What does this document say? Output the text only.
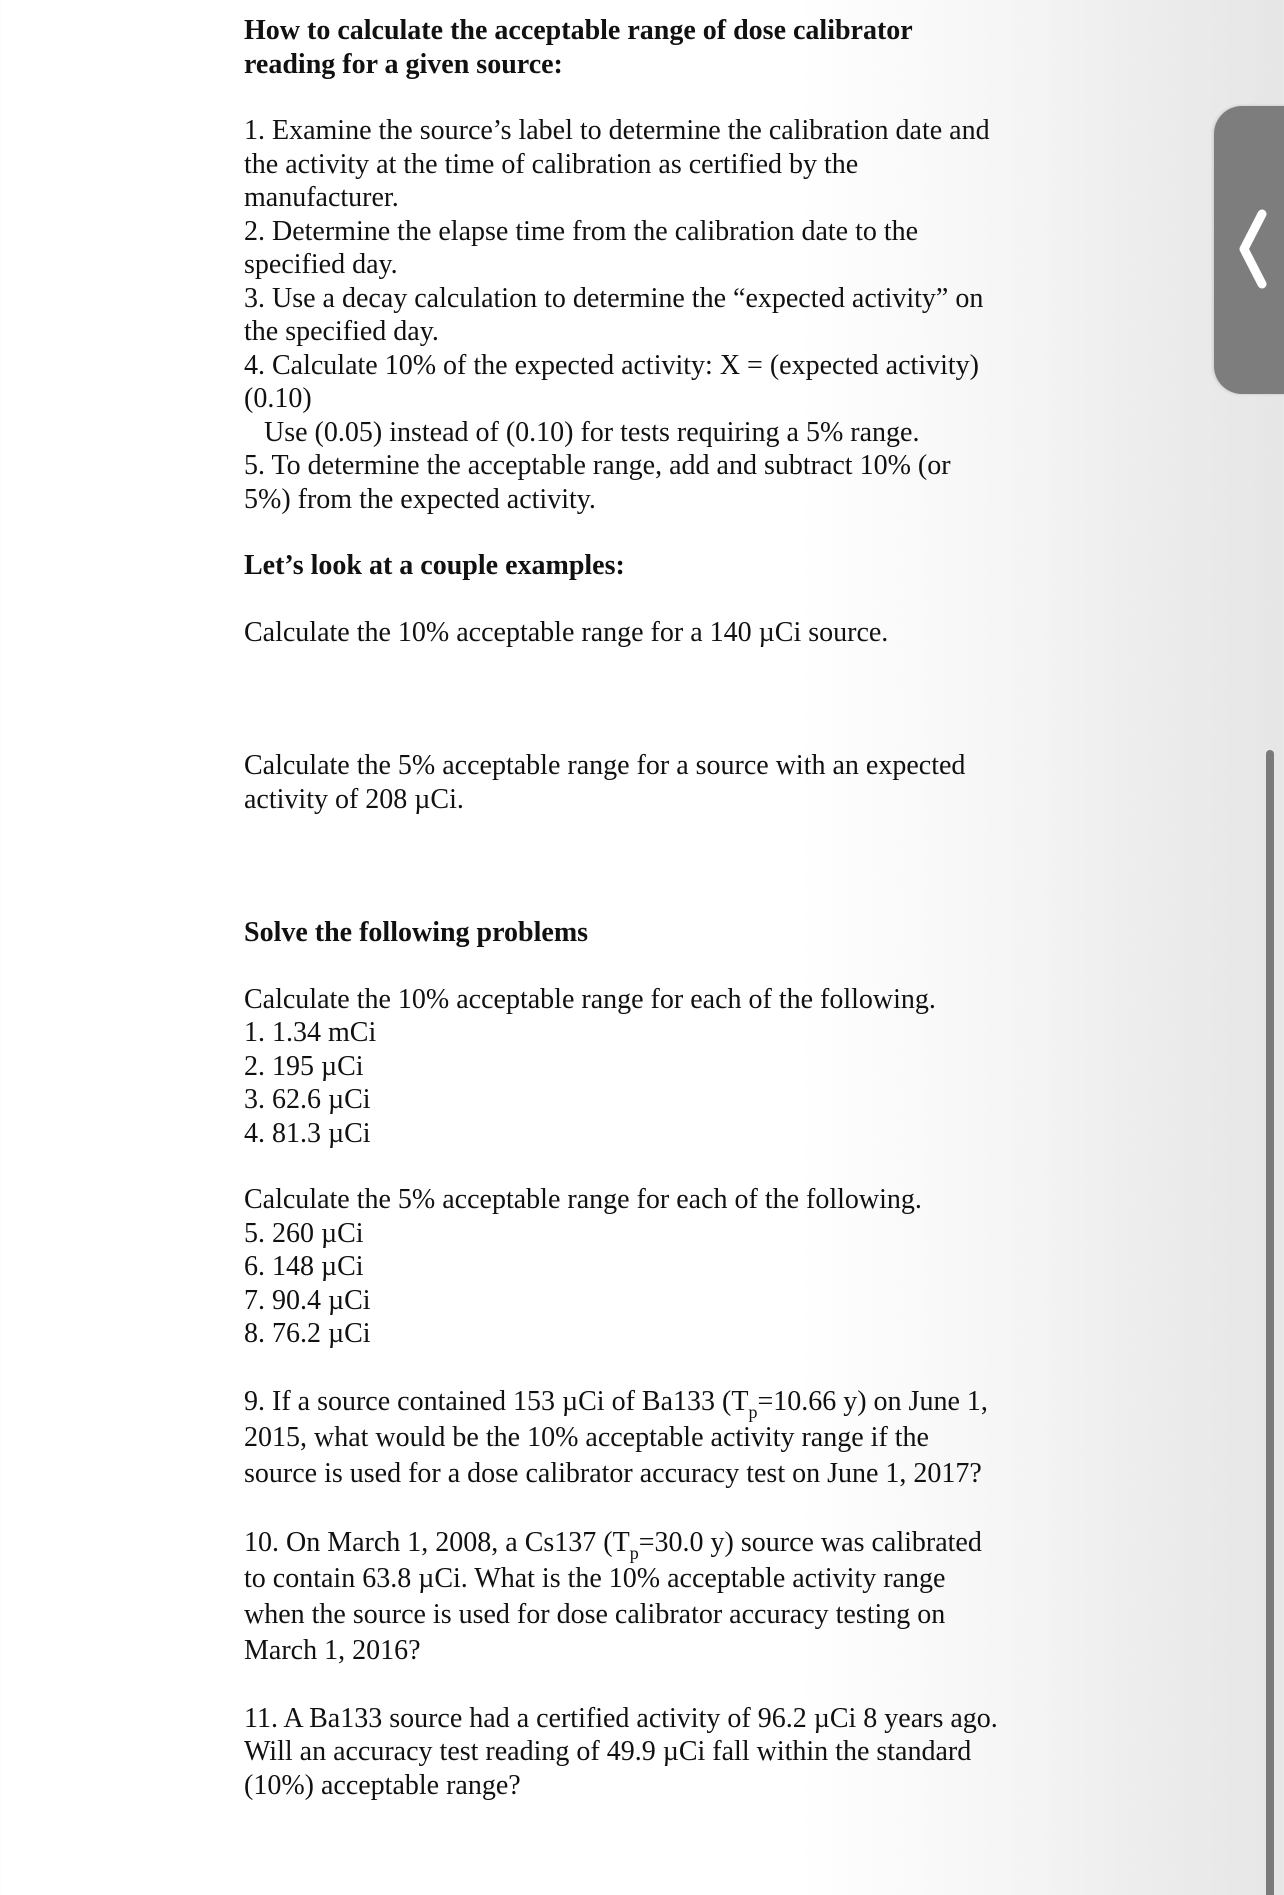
How to calculate the acceptable range of dose calibrator
reading for a given source:

1. Examine the source’s label to determine the calibration date and the activity at the time of calibration as certified by the manufacturer.

2. Determine the elapse time from the calibration date to the specified day.

3. Use a decay calculation to determine the “expected activity” on the specified day.

4. Calculate 10% of the expected activity: X = (expected activity)(0.10)

Use (0.05) instead of (0.10) for tests requiring a 5% range.

5. To determine the acceptable range, add and subtract 10% (or 5%) from the expected activity.

Let’s look at a couple examples:

Calculate the 10% acceptable range for a 140 µCi source.

Calculate the 5% acceptable range for a source with an expected activity of 208 µCi.

Solve the following problems

Calculate the 10% acceptable range for each of the following.

1. 1.34 mCi

2. 195 µCi

3. 62.6 µCi

4. 81.3 µCi

Calculate the 5% acceptable range for each of the following.

5. 260 µCi

6. 148 µCi

7. 90.4 µCi

8. 76.2 µCi

9. If a source contained 153 µCi of Ba133 ($T_p=10.66$ y) on June 1, 2015, what would be the 10% acceptable activity range if the source is used for a dose calibrator accuracy test on June 1, 2017?

10. On March 1, 2008, a Cs137 ($T_p=30.0$ y) source was calibrated to contain 63.8 µCi. What is the 10% acceptable activity range when the source is used for dose calibrator accuracy testing on March 1, 2016?

11. A Ba133 source had a certified activity of 96.2 µCi 8 years ago. Will an accuracy test reading of 49.9 µCi fall within the standard (10%) acceptable range?
